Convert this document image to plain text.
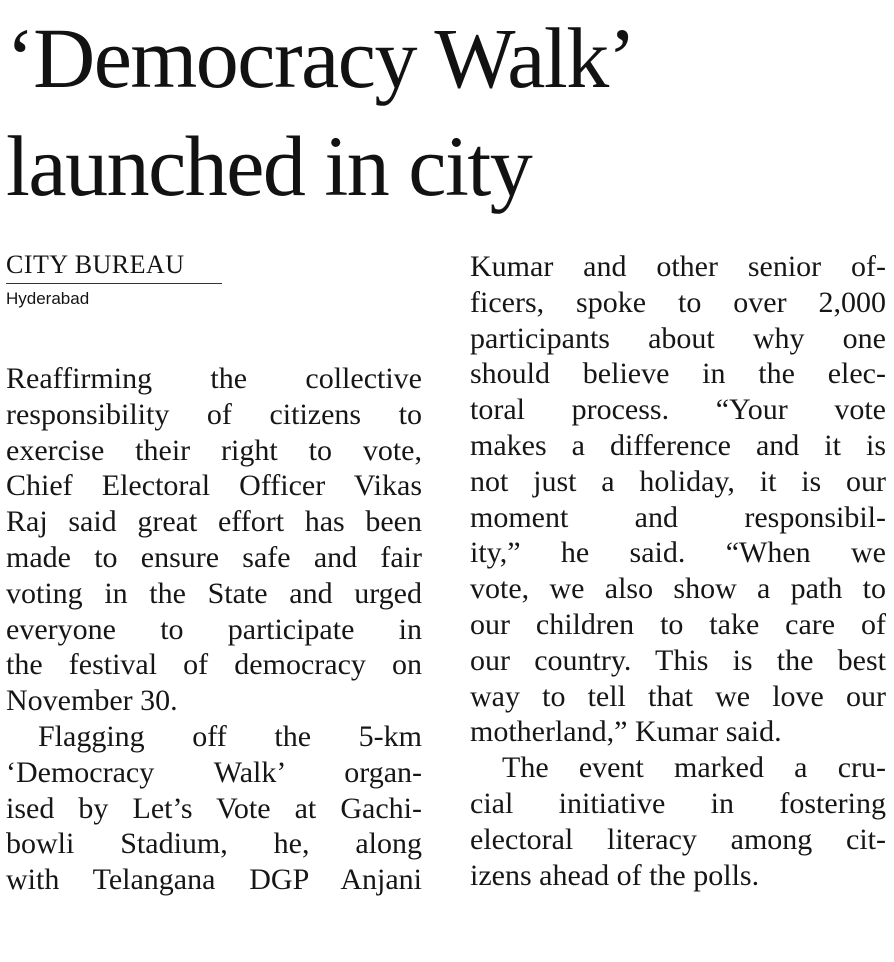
‘Democracy Walk’
launched in city
CITY BUREAU
Hyderabad
Reaffirming the collective
responsibility of citizens to
exercise their right to vote,
Chief Electoral Officer Vikas
Raj said great effort has been
made to ensure safe and fair
voting in the State and urged
everyone to participate in
the festival of democracy on
November 30.
Flagging off the 5-km
‘Democracy Walk’ organ-
ised by Let’s Vote at Gachi-
bowli Stadium, he, along
with Telangana DGP Anjani
Kumar and other senior of-
ficers, spoke to over 2,000
participants about why one
should believe in the elec-
toral process. “Your vote
makes a difference and it is
not just a holiday, it is our
moment and responsibil-
ity,” he said. “When we
vote, we also show a path to
our children to take care of
our country. This is the best
way to tell that we love our
motherland,” Kumar said.
The event marked a cru-
cial initiative in fostering
electoral literacy among cit-
izens ahead of the polls.
